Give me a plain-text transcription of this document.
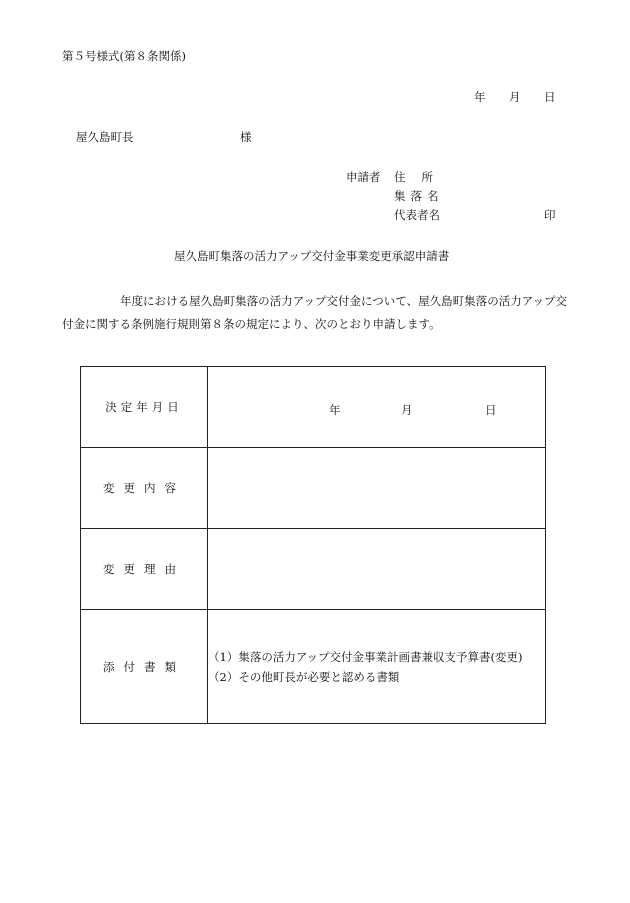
第５号様式(第８条関係)
年 月 日
屋久島町長	様
申請者 住所
集落名
代表者名	印
屋久島町集落の活力アップ交付金事業変更承認申請書
年度における屋久島町集落の活力アップ交付金について、屋久島町集落の活力アップ交付金に関する条例施行規則第８条の規定により、次のとおり申請します。
決定年月日	年 月 日

変更内容	
変更理由	
添付書類	（1）集落の活力アップ交付金事業計画書兼収支予算書(変更)
（2）その他町長が必要と認める書類
